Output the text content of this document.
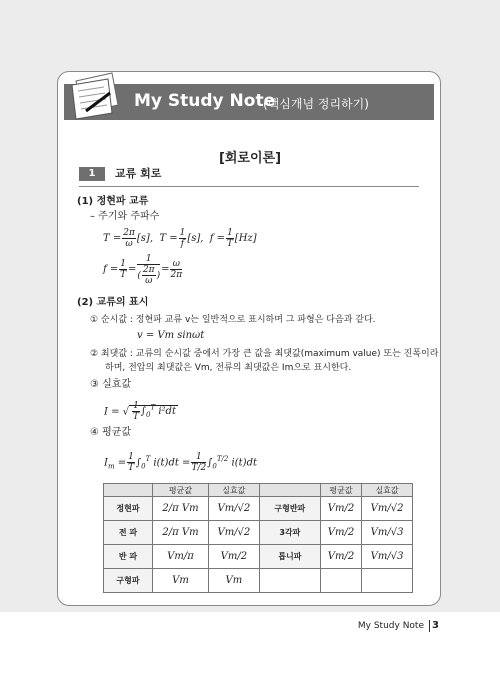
My Study Note
(핵심개념 정리하기)
[회로이론]
1	교류 회로
(1) 정현파 교류
– 주기와 주파수
$T = \frac{2\pi}{\omega} [s]$,  $T = \frac{1}{f} [s]$,  $f = \frac{1}{T} [Hz]$
$f = \frac{1}{T} = \frac{1}{( \frac{2\pi}{\omega} )} = \frac{\omega}{2\pi}$
(2) 교류의 표시
① 순시값 : 정현파 교류 v는 일반적으로 표시하며 그 파형은 다음과 같다.
v = Vm sinωt
② 최댓값 : 교류의 순시값 중에서 가장 큰 값을 최댓값(maximum value) 또는 진폭이라
하며, 전압의 최댓값은 Vm, 전류의 최댓값은 Im으로 표시한다.
③ 실효값
I = √ $\frac{1}{T} \int_0^T$ i²dt
④ 평균값
$I_m = \frac{1}{T} \int_0^T$ $i(t)dt = \frac{1}{T/2} \int_0^{T/2}$ i(t)dt
	평균값	실효값		평균값	실효값
정현파	2/π Vm	Vm/√2	구형반파	Vm/2	Vm/√2
전 파	2/π Vm	Vm/√2	3각파	Vm/2	Vm/√3
반 파	Vm/π	Vm/2	톱니파	Vm/2	Vm/√3
구형파	Vm	Vm			
My Study Note 3
